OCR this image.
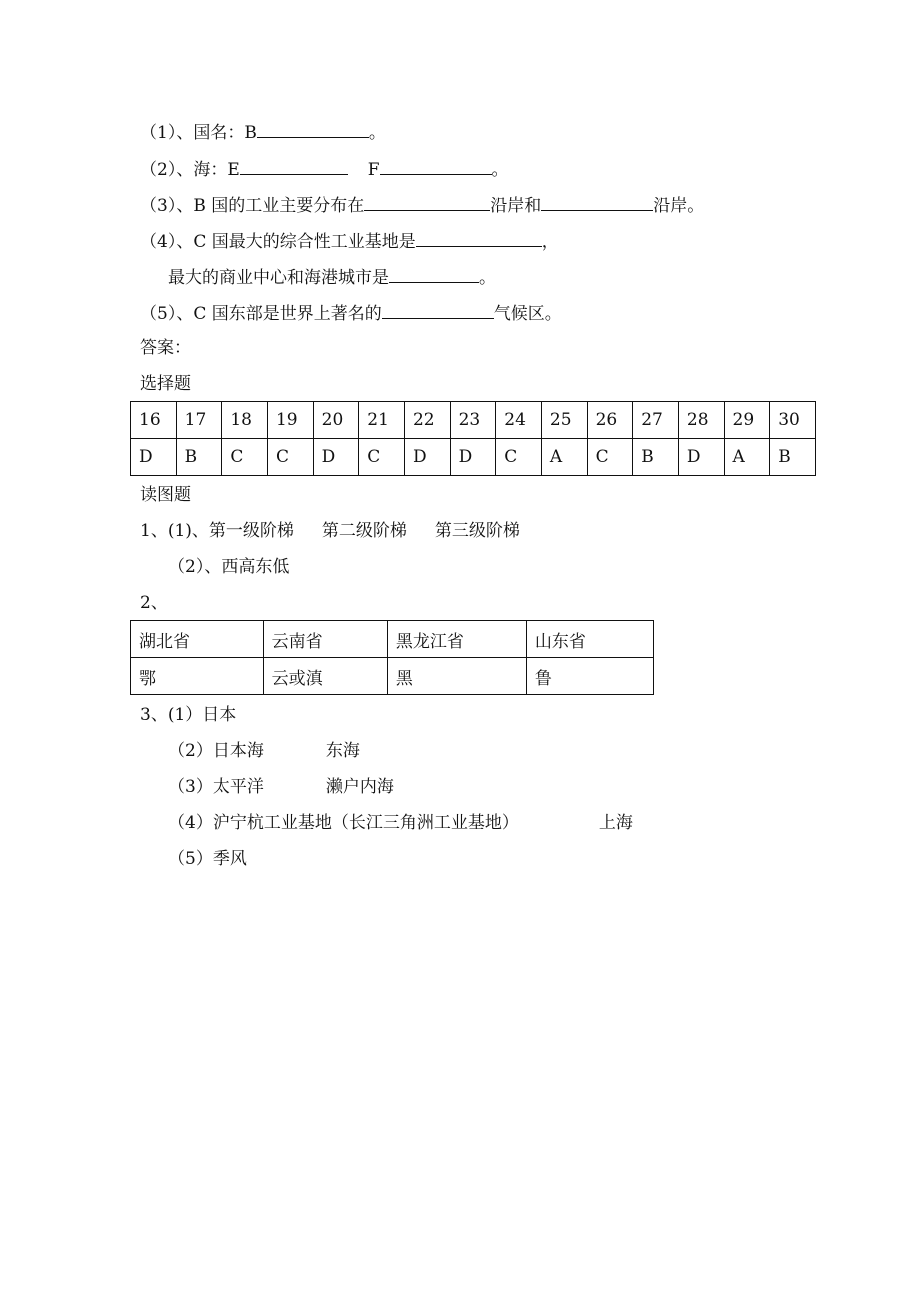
（1）、国名：B	。
（2）、海：E	F	。
（3）、B 国的工业主要分布在	沿岸和	沿岸。
（4）、C 国最大的综合性工业基地是	，
最大的商业中心和海港城市是	。
（5）、C 国东部是世界上著名的	气候区。
答案：
选择题
16	17	18	19	20	21	22	23	24	25	26	27	28	29	30
D	B	C	C	D	C	D	D	C	A	C	B	D	A	B
读图题
1、(1)、第一级阶梯 第二级阶梯 第三级阶梯
（2）、西高东低
2、
湖北省	云南省	黑龙江省	山东省
鄂	云或滇	黑	鲁
3、(1）日本
（2）日本海	东海
（3）太平洋	濑户内海
（4）沪宁杭工业基地（长江三角洲工业基地）	上海
（5）季风
